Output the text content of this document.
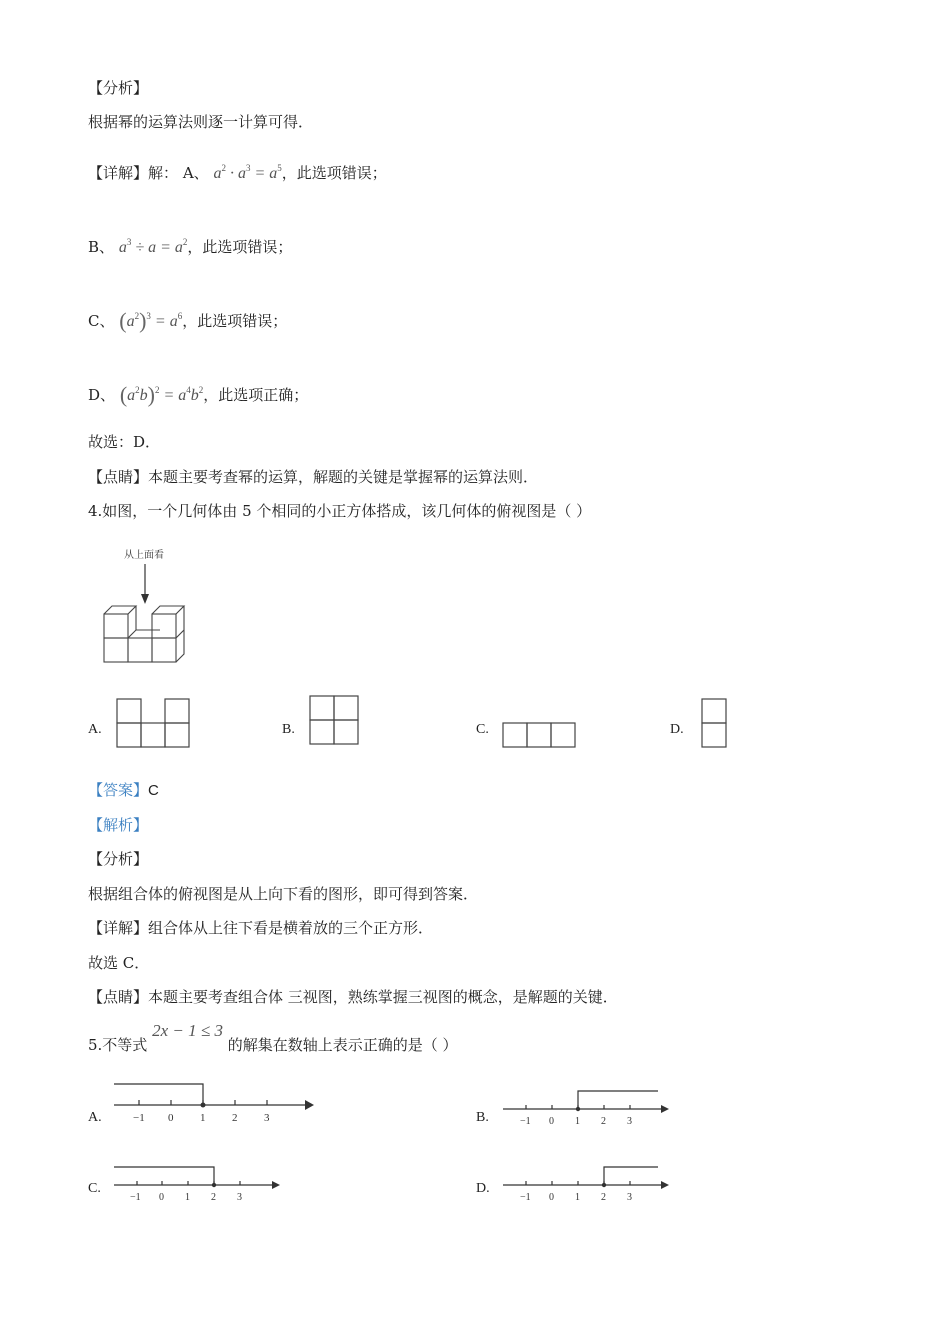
【分析】
根据幂的运算法则逐一计算可得．
【详解】解： A、 $a^2 \cdot a^3 = a^5$，此选项错误；
B、 $a^3 \div a = a^2$，此选项错误；
C、 $(a^2)^3 = a^6$，此选项错误；
D、 $(a^2b)^2 = a^4b^2$，此选项正确；
故选：D．
【点睛】本题主要考查幂的运算，解题的关键是掌握幂的运算法则．
4.如图，一个几何体由 5 个相同的小正方体搭成，该几何体的俯视图是（ ）
从上面看
A.	B.	C.	D.
【答案】C
【解析】
【分析】
根据组合体的俯视图是从上向下看的图形，即可得到答案．
【详解】组合体从上往下看是横着放的三个正方形．
故选 C．
【点睛】本题主要考查组合体 三视图，熟练掌握三视图的概念，是解题的关键．
5.不等式 2x − 1 ≤ 3 的解集在数轴上表示正确的是（ ）
A.	−1 0 1 2 3	B.	−1 0 1 2 3
C.
−1 0 1 2 3
D.
−1 0 1 2 3
